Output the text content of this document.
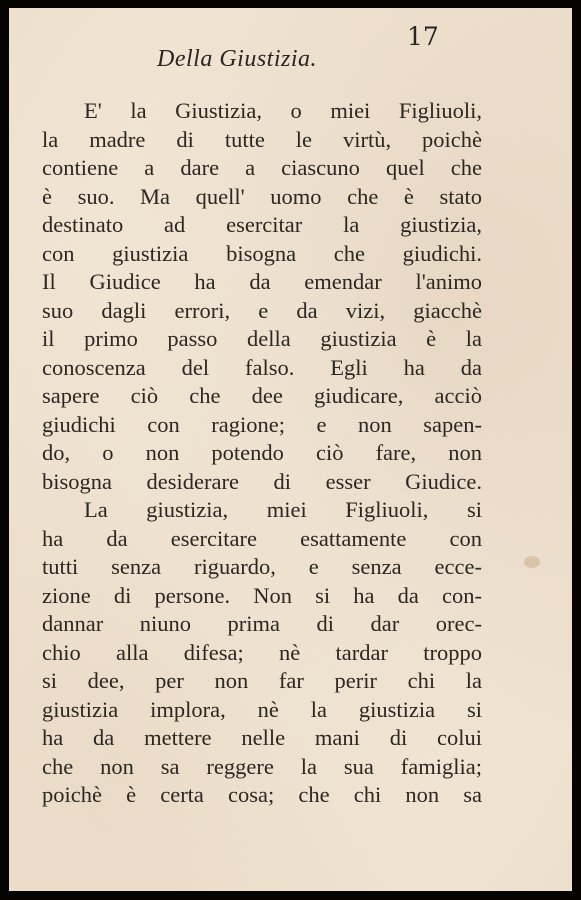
17

Della Giustizia.
E' la Giustizia, o miei Figliuoli,
la madre di tutte le virtù, poichè
contiene a dare a ciascuno quel che
è suo. Ma quell' uomo che è stato
destinato ad esercitar la giustizia,
con giustizia bisogna che giudichi.
Il Giudice ha da emendar l'animo
suo dagli errori, e da vizi, giacchè
il primo passo della giustizia è la
conoscenza del falso. Egli ha da
sapere ciò che dee giudicare, acciò
giudichi con ragione; e non sapen-
do, o non potendo ciò fare, non
bisogna desiderare di esser Giudice.
La giustizia, miei Figliuoli, si
ha da esercitare esattamente con
tutti senza riguardo, e senza ecce-
zione di persone. Non si ha da con-
dannar niuno prima di dar orec-
chio alla difesa; nè tardar troppo
si dee, per non far perir chi la
giustizia implora, nè la giustizia si
ha da mettere nelle mani di colui
che non sa reggere la sua famiglia;
poichè è certa cosa; che chi non sa
